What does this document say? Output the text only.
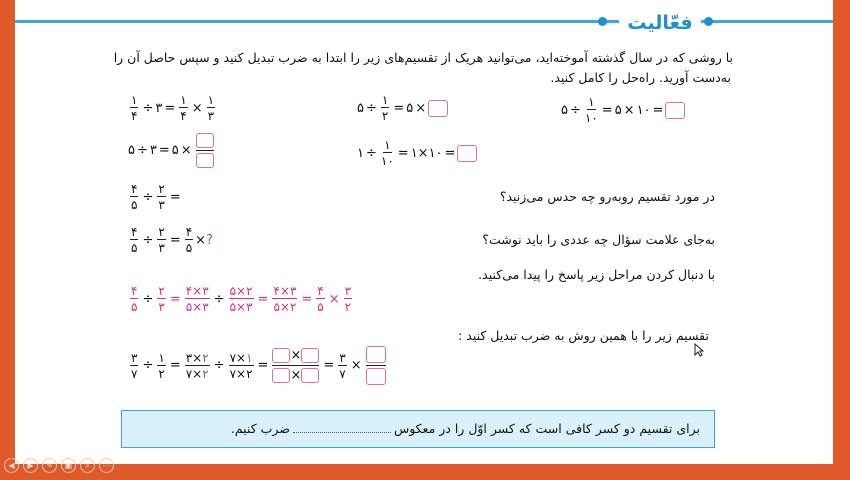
فعّالیت
با روشی که در سال گذشته آموخته‌اید، می‌توانید هریک از تقسیم‌های زیر را ابتدا به ضرب تبدیل کنید و سپس حاصل آن را
به‌دست آورید. راه‌حل را کامل کنید.
۵ ÷ $\frac{۱}{۱۰}$ = ۵ × ۱۰ =
۵ ÷ $\frac{۱}{۲}$ = ۵ ×
$\frac{۱}{۴}$ ÷ ۳ = $\frac{۱}{۴} \times \frac{۱}{۳}$
۱ ÷ $\frac{۱}{۱۰}$ = ۱ × ۱۰ =
۵ ÷ ۳ = ۵ ×
در مورد تقسیم روبه‌رو چه حدس می‌زنید؟
$\frac{۴}{۵} \div \frac{۲}{۳}$ =
به‌جای علامت سؤال چه عددی را باید نوشت؟
$\frac{۴}{۵} \div \frac{۲}{۳} = \frac{۴}{۵}$ × ?
با دنبال کردن مراحل زیر پاسخ را پیدا می‌کنید.
$\frac{۴}{۵} \div \frac{۲}{۳} = \frac{۴\times ۳}{۵\times ۳} \div \frac{۵\times ۲}{۵\times ۳} = \frac{۴\times ۳}{۵\times ۲} = \frac{۴}{۵} \times \frac{۳}{۲}$
تقسیم زیر را با همین روش به ضرب تبدیل کنید :
$\frac{۳}{۷} \div \frac{۱}{۲} = \frac{۳\times ۲}{۷\times ۲} \div \frac{۷\times ۱}{۷\times ۲}$ =
×
×
= $\frac{۳}{۷}$ ×
برای تقسیم دو کسر کافی است که کسر اوّل را در معکوسضرب کنیم.
◀	▶	✎	▣	⌕	⋯
